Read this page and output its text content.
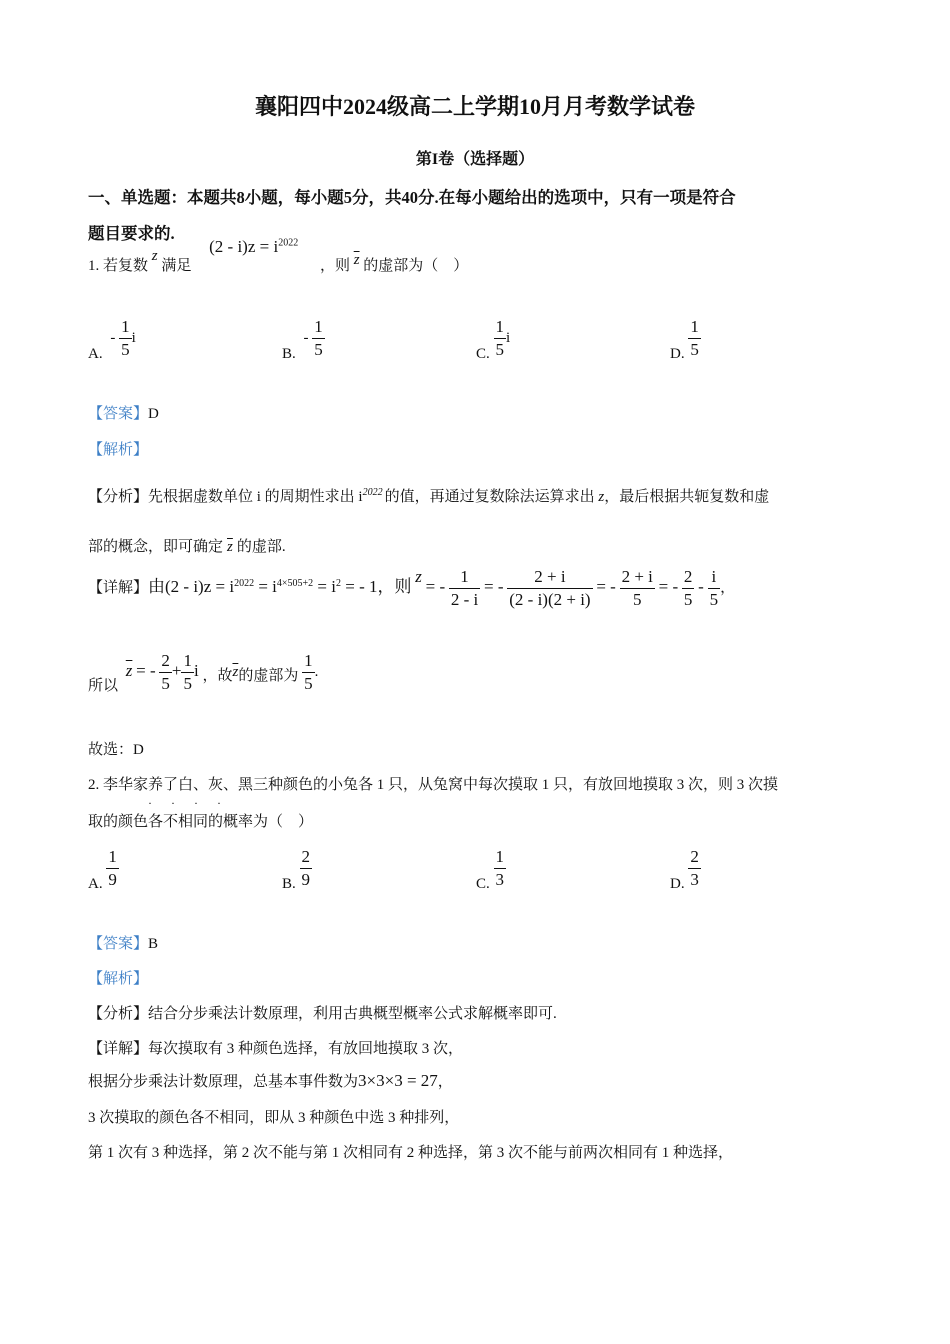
襄阳四中2024级高二上学期10月月考数学试卷
第I卷（选择题）
一、单选题：本题共8小题，每小题5分，共40分.在每小题给出的选项中，只有一项是符合
题目要求的.
1. 若复数 z 满足 $(2 - i)z = i^{2022}$ ，则 $\overline{z}$ 的虚部为（　）
A. - $\frac{1}{5}$ i
B. - $\frac{1}{5}$	C. $\frac{1}{5}$ i
D. $\frac{1}{5}$
【答案】D
【解析】
【分析】先根据虚数单位 i 的周期性求出 $i^{2022}$ 的值，再通过复数除法运算求出 z，最后根据共轭复数和虚
部的概念，即可确定 $\overline{z}$ 的虚部.
【详解】由$(2 - i)z = i^{2022} = i^{4\times 505+2} = i^2$ = - 1，则 z = - $\frac{1}{2 - i}$ = - $\frac{2 + i}{(2 - i)(2 + i)}$ = - $\frac{2 + i}{5}$ = - $\frac{2}{5} - \frac{i}{5}$ ，
所以 $\overline{z}$ = - $\frac{2}{5} + \frac{1}{5}$ i ，故$\overline{z}$的虚部为 $\frac{1}{5}$ .
故选：D
2. 李华家养了白、灰、黑三种颜色的小兔各 1 只，从兔窝中每次摸取 1 只，有放回地摸取 3 次，则 3 次摸
取的颜色
· · · ·
各不相同的概率为（　）
A. $\frac{1}{9}$	B. $\frac{2}{9}$	C. $\frac{1}{3}$	D. $\frac{2}{3}$
【答案】B
【解析】
【分析】结合分步乘法计数原理，利用古典概型概率公式求解概率即可.
【详解】每次摸取有 3 种颜色选择，有放回地摸取 3 次，
根据分步乘法计数原理，总基本事件数为3×3×3 = 27，
3 次摸取的颜色各不相同，即从 3 种颜色中选 3 种排列，
第 1 次有 3 种选择，第 2 次不能与第 1 次相同有 2 种选择，第 3 次不能与前两次相同有 1 种选择，
